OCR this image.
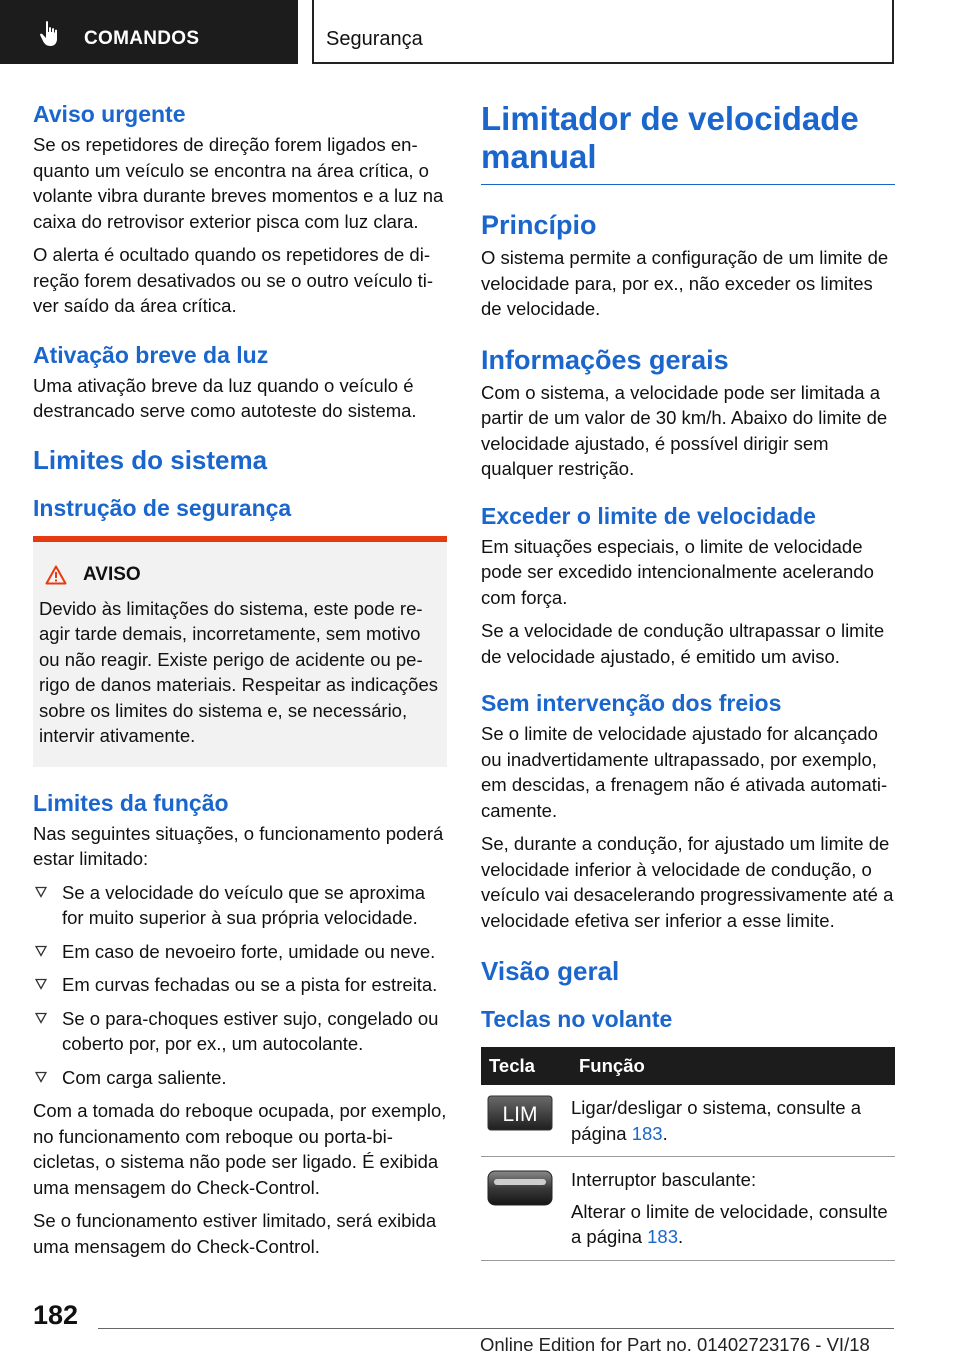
COMANDOS	Segurança
Aviso urgente

Se os repetidores de direção forem ligados enquanto um veículo se encontra na área crítica, o volante vibra durante breves momentos e a luz na caixa do retrovisor exterior pisca com luz clara.

O alerta é ocultado quando os repetidores de direção forem desativados ou se o outro veículo tiver saído da área crítica.

Ativação breve da luz

Uma ativação breve da luz quando o veículo é destrancado serve como autoteste do sistema.

Limites do sistema
Instrução de segurança
AVISO

Devido às limitações do sistema, este pode reagir tarde demais, incorretamente, sem motivo ou não reagir. Existe perigo de acidente ou perigo de danos materiais. Respeitar as indicações sobre os limites do sistema e, se necessário, intervir ativamente.

Limites da função

Nas seguintes situações, o funcionamento poderá estar limitado:

Se a velocidade do veículo que se aproxima for muito superior à sua própria velocidade.
Em caso de nevoeiro forte, umidade ou neve.
Em curvas fechadas ou se a pista for estreita.
Se o para-choques estiver sujo, congelado ou coberto por, por ex., um autocolante.
Com carga saliente.

Com a tomada do reboque ocupada, por exemplo, no funcionamento com reboque ou porta-bicicletas, o sistema não pode ser ligado. É exibida uma mensagem do Check-Control.

Se o funcionamento estiver limitado, será exibida uma mensagem do Check-Control.

Limitador de velocidade manual
Princípio

O sistema permite a configuração de um limite de velocidade para, por ex., não exceder os limites de velocidade.

Informações gerais

Com o sistema, a velocidade pode ser limitada a partir de um valor de 30 km/h. Abaixo do limite de velocidade ajustado, é possível dirigir sem qualquer restrição.

Exceder o limite de velocidade

Em situações especiais, o limite de velocidade pode ser excedido intencionalmente acelerando com força.

Se a velocidade de condução ultrapassar o limite de velocidade ajustado, é emitido um aviso.

Sem intervenção dos freios

Se o limite de velocidade ajustado for alcançado ou inadvertidamente ultrapassado, por exemplo, em descidas, a frenagem não é ativada automaticamente.

Se, durante a condução, for ajustado um limite de velocidade inferior à velocidade de condução, o veículo vai desacelerando progressivamente até a velocidade efetiva ser inferior a esse limite.

Visão geral
Teclas no volante
Tecla	Função

LIM	Ligar/desligar o sistema, consulte a página 183.

Interruptor basculante:
Alterar o limite de velocidade, consulte a página 183.
182
Online Edition for Part no. 01402723176 - VI/18
